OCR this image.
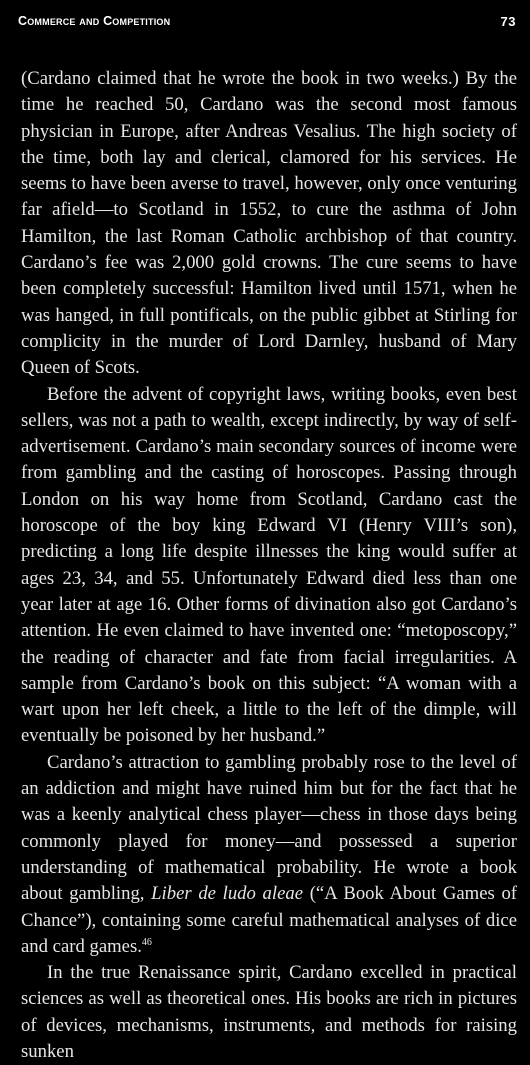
Commerce and Competition	73

(Cardano claimed that he wrote the book in two weeks.) By the time he reached 50, Cardano was the second most famous physician in Europe, after Andreas Vesalius. The high society of the time, both lay and clerical, clamored for his services. He seems to have been averse to travel, however, only once venturing far afield—to Scotland in 1552, to cure the asthma of John Hamilton, the last Roman Catholic archbishop of that country. Cardano’s fee was 2,000 gold crowns. The cure seems to have been completely successful: Hamilton lived until 1571, when he was hanged, in full pontificals, on the public gibbet at Stirling for complicity in the murder of Lord Darnley, husband of Mary Queen of Scots.

Before the advent of copyright laws, writing books, even best sellers, was not a path to wealth, except indirectly, by way of self-advertisement. Cardano’s main secondary sources of income were from gambling and the casting of horoscopes. Passing through London on his way home from Scotland, Cardano cast the horoscope of the boy king Edward VI (Henry VIII’s son), predicting a long life despite illnesses the king would suffer at ages 23, 34, and 55. Unfortunately Edward died less than one year later at age 16. Other forms of divination also got Cardano’s attention. He even claimed to have invented one: “metoposcopy,” the reading of character and fate from facial irregularities. A sample from Cardano’s book on this subject: “A woman with a wart upon her left cheek, a little to the left of the dimple, will eventually be poisoned by her husband.”

Cardano’s attraction to gambling probably rose to the level of an addiction and might have ruined him but for the fact that he was a keenly analytical chess player—chess in those days being commonly played for money—and possessed a superior understanding of mathematical probability. He wrote a book about gambling, Liber de ludo aleae (“A Book About Games of Chance”), containing some careful mathematical analyses of dice and card games.$^{46}$

In the true Renaissance spirit, Cardano excelled in practical sciences as well as theoretical ones. His books are rich in pictures of devices, mechanisms, instruments, and methods for raising sunken
